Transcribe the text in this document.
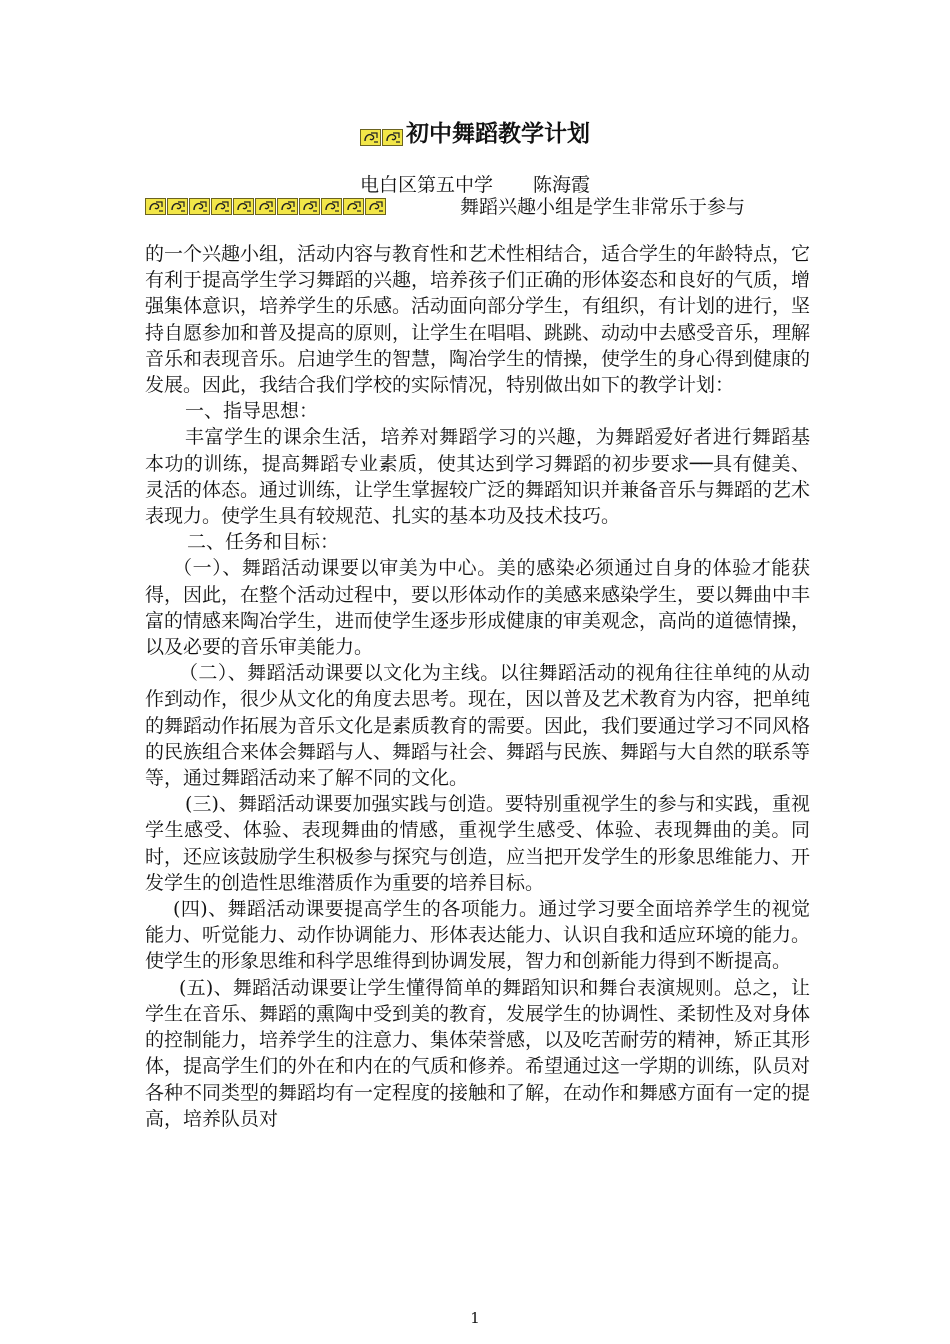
初中舞蹈教学计划
电白区第五中学 陈海霞
舞蹈兴趣小组是学生非常乐于参与

的一个兴趣小组，活动内容与教育性和艺术性相结合，适合学生的年龄特点，它有利于提高学生学习舞蹈的兴趣，培养孩子们正确的形体姿态和良好的气质，增强集体意识，培养学生的乐感。活动面向部分学生，有组织，有计划的进行，坚持自愿参加和普及提高的原则，让学生在唱唱、跳跳、动动中去感受音乐，理解音乐和表现音乐。启迪学生的智慧，陶冶学生的情操，使学生的身心得到健康的发展。因此，我结合我们学校的实际情况，特别做出如下的教学计划：

一、指导思想：

丰富学生的课余生活，培养对舞蹈学习的兴趣，为舞蹈爱好者进行舞蹈基本功的训练，提高舞蹈专业素质，使其达到学习舞蹈的初步要求──具有健美、灵活的体态。通过训练，让学生掌握较广泛的舞蹈知识并兼备音乐与舞蹈的艺术表现力。使学生具有较规范、扎实的基本功及技术技巧。

二、任务和目标：

（一）、舞蹈活动课要以审美为中心。美的感染必须通过自身的体验才能获得，因此，在整个活动过程中，要以形体动作的美感来感染学生，要以舞曲中丰富的情感来陶冶学生，进而使学生逐步形成健康的审美观念，高尚的道德情操，以及必要的音乐审美能力。

（二）、舞蹈活动课要以文化为主线。以往舞蹈活动的视角往往单纯的从动作到动作，很少从文化的角度去思考。现在，因以普及艺术教育为内容，把单纯的舞蹈动作拓展为音乐文化是素质教育的需要。因此，我们要通过学习不同风格的民族组合来体会舞蹈与人、舞蹈与社会、舞蹈与民族、舞蹈与大自然的联系等等，通过舞蹈活动来了解不同的文化。

(三)、舞蹈活动课要加强实践与创造。要特别重视学生的参与和实践，重视学生感受、体验、表现舞曲的情感，重视学生感受、体验、表现舞曲的美。同时，还应该鼓励学生积极参与探究与创造，应当把开发学生的形象思维能力、开发学生的创造性思维潜质作为重要的培养目标。

(四)、舞蹈活动课要提高学生的各项能力。通过学习要全面培养学生的视觉能力、听觉能力、动作协调能力、形体表达能力、认识自我和适应环境的能力。使学生的形象思维和科学思维得到协调发展，智力和创新能力得到不断提高。

(五)、舞蹈活动课要让学生懂得简单的舞蹈知识和舞台表演规则。总之，让学生在音乐、舞蹈的熏陶中受到美的教育，发展学生的协调性、柔韧性及对身体的控制能力，培养学生的注意力、集体荣誉感，以及吃苦耐劳的精神，矫正其形体，提高学生们的外在和内在的气质和修养。希望通过这一学期的训练，队员对各种不同类型的舞蹈均有一定程度的接触和了解，在动作和舞感方面有一定的提高，培养队员对

1
